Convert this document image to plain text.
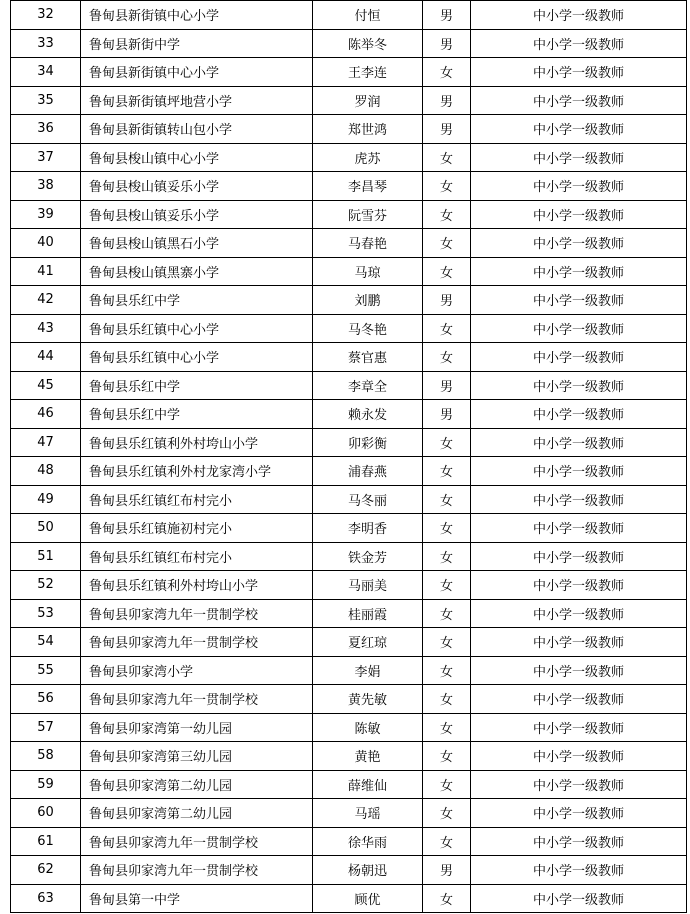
32	鲁甸县新街镇中心小学	付恒	男	中小学一级教师
33	鲁甸县新街中学	陈举冬	男	中小学一级教师
34	鲁甸县新街镇中心小学	王李连	女	中小学一级教师
35	鲁甸县新街镇坪地营小学	罗润	男	中小学一级教师
36	鲁甸县新街镇转山包小学	郑世鸿	男	中小学一级教师
37	鲁甸县梭山镇中心小学	虎苏	女	中小学一级教师
38	鲁甸县梭山镇妥乐小学	李昌琴	女	中小学一级教师
39	鲁甸县梭山镇妥乐小学	阮雪芬	女	中小学一级教师
40	鲁甸县梭山镇黑石小学	马春艳	女	中小学一级教师
41	鲁甸县梭山镇黑寨小学	马琼	女	中小学一级教师
42	鲁甸县乐红中学	刘鹏	男	中小学一级教师
43	鲁甸县乐红镇中心小学	马冬艳	女	中小学一级教师
44	鲁甸县乐红镇中心小学	蔡官惠	女	中小学一级教师
45	鲁甸县乐红中学	李章全	男	中小学一级教师
46	鲁甸县乐红中学	赖永发	男	中小学一级教师
47	鲁甸县乐红镇利外村垮山小学	卯彩衡	女	中小学一级教师
48	鲁甸县乐红镇利外村龙家湾小学	浦春燕	女	中小学一级教师
49	鲁甸县乐红镇红布村完小	马冬丽	女	中小学一级教师
50	鲁甸县乐红镇施初村完小	李明香	女	中小学一级教师
51	鲁甸县乐红镇红布村完小	铁金芳	女	中小学一级教师
52	鲁甸县乐红镇利外村垮山小学	马丽美	女	中小学一级教师
53	鲁甸县卯家湾九年一贯制学校	桂丽霞	女	中小学一级教师
54	鲁甸县卯家湾九年一贯制学校	夏红琼	女	中小学一级教师
55	鲁甸县卯家湾小学	李娟	女	中小学一级教师
56	鲁甸县卯家湾九年一贯制学校	黄先敏	女	中小学一级教师
57	鲁甸县卯家湾第一幼儿园	陈敏	女	中小学一级教师
58	鲁甸县卯家湾第三幼儿园	黄艳	女	中小学一级教师
59	鲁甸县卯家湾第二幼儿园	薛维仙	女	中小学一级教师
60	鲁甸县卯家湾第二幼儿园	马瑶	女	中小学一级教师
61	鲁甸县卯家湾九年一贯制学校	徐华雨	女	中小学一级教师
62	鲁甸县卯家湾九年一贯制学校	杨朝迅	男	中小学一级教师
63	鲁甸县第一中学	顾优	女	中小学一级教师
